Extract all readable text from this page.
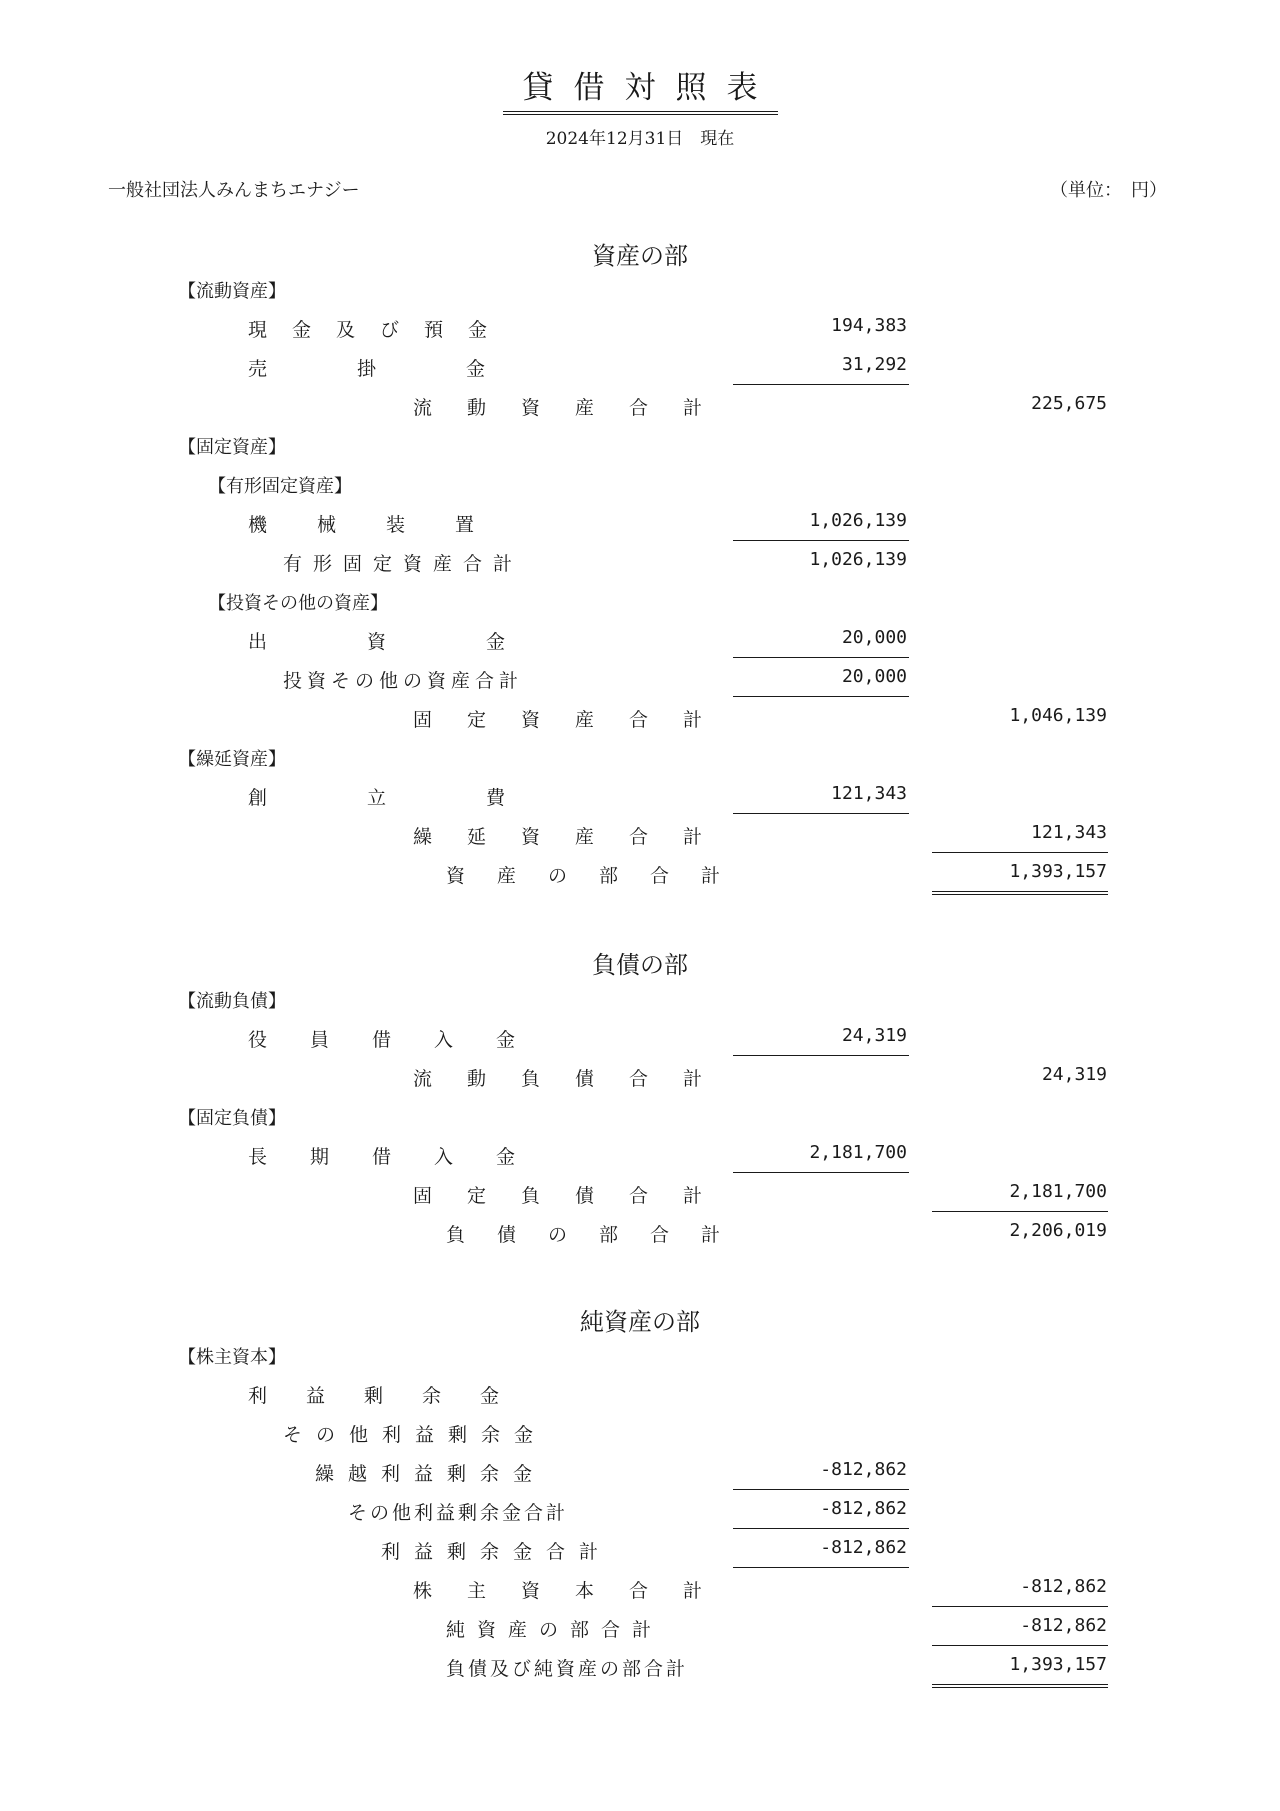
貸借対照表
2024年12月31日　現在
一般社団法人みんまちエナジー	（単位：　円）
資産の部
【流動資産】
現金及び預金	194,383
売掛金	31,292
流動資産合計	225,675
【固定資産】
【有形固定資産】
機械装置	1,026,139
有形固定資産合計	1,026,139
【投資その他の資産】
出資金	20,000
投資その他の資産合計	20,000
固定資産合計	1,046,139
【繰延資産】
創立費	121,343
繰延資産合計	121,343
資産の部合計	1,393,157
負債の部
【流動負債】
役員借入金	24,319
流動負債合計	24,319
【固定負債】
長期借入金	2,181,700
固定負債合計	2,181,700
負債の部合計	2,206,019
純資産の部
【株主資本】
利益剰余金
その他利益剰余金
繰越利益剰余金	-812,862
その他利益剰余金合計	-812,862
利益剰余金合計	-812,862
株主資本合計	-812,862
純資産の部合計	-812,862
負債及び純資産の部合計	1,393,157
